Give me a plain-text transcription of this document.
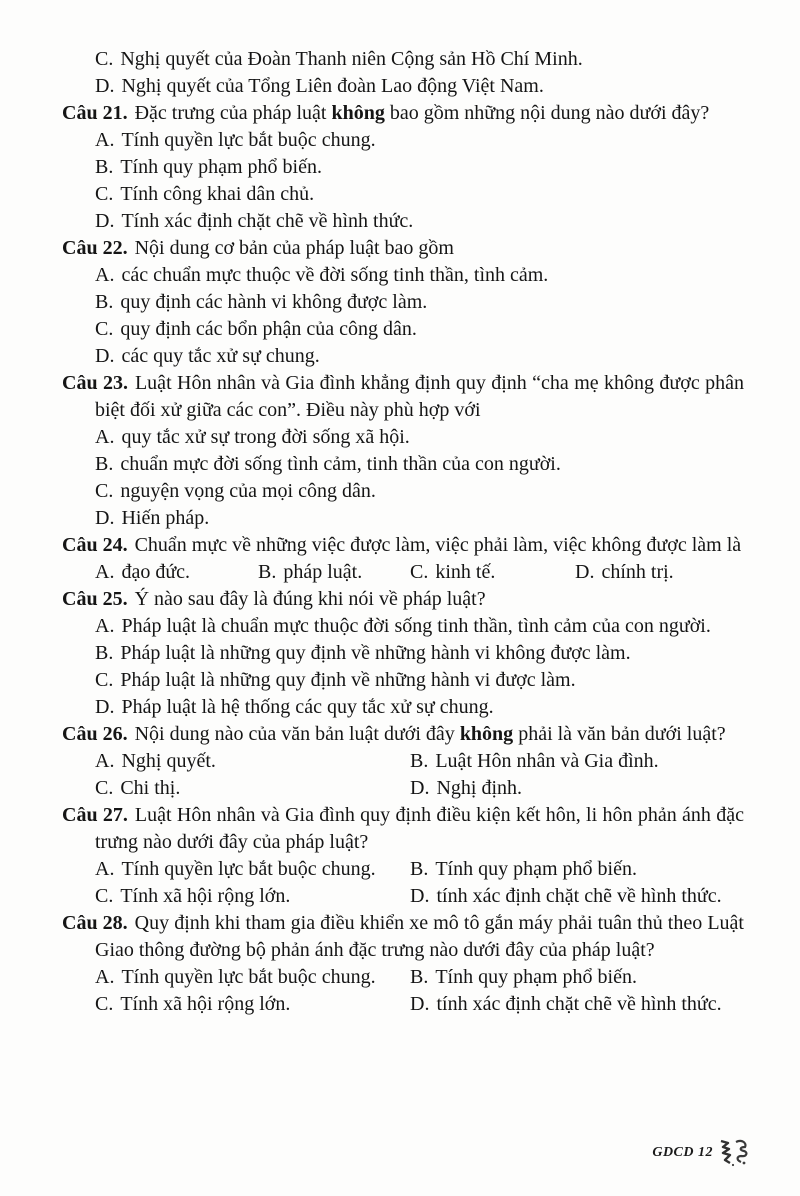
C. Nghị quyết của Đoàn Thanh niên Cộng sản Hồ Chí Minh.

D. Nghị quyết của Tổng Liên đoàn Lao động Việt Nam.

Câu 21. Đặc trưng của pháp luật không bao gồm những nội dung nào dưới đây?

A. Tính quyền lực bắt buộc chung.

B. Tính quy phạm phổ biến.

C. Tính công khai dân chủ.

D. Tính xác định chặt chẽ về hình thức.

Câu 22. Nội dung cơ bản của pháp luật bao gồm

A. các chuẩn mực thuộc về đời sống tinh thần, tình cảm.

B. quy định các hành vi không được làm.

C. quy định các bổn phận của công dân.

D. các quy tắc xử sự chung.

Câu 23. Luật Hôn nhân và Gia đình khẳng định quy định “cha mẹ không được phân biệt đối xử giữa các con”. Điều này phù hợp với

A. quy tắc xử sự trong đời sống xã hội.

B. chuẩn mực đời sống tình cảm, tinh thần của con người.

C. nguyện vọng của mọi công dân.

D. Hiến pháp.

Câu 24. Chuẩn mực về những việc được làm, việc phải làm, việc không được làm là

A. đạo đức.	B. pháp luật.	C. kinh tế.	D. chính trị.

Câu 25. Ý nào sau đây là đúng khi nói về pháp luật?

A. Pháp luật là chuẩn mực thuộc đời sống tinh thần, tình cảm của con người.

B. Pháp luật là những quy định về những hành vi không được làm.

C. Pháp luật là những quy định về những hành vi được làm.

D. Pháp luật là hệ thống các quy tắc xử sự chung.

Câu 26. Nội dung nào của văn bản luật dưới đây không phải là văn bản dưới luật?

A. Nghị quyết.	B. Luật Hôn nhân và Gia đình.

C. Chi thị.	D. Nghị định.

Câu 27. Luật Hôn nhân và Gia đình quy định điều kiện kết hôn, li hôn phản ánh đặc trưng nào dưới đây của pháp luật?

A. Tính quyền lực bắt buộc chung.	B. Tính quy phạm phổ biến.

C. Tính xã hội rộng lớn.	D. tính xác định chặt chẽ về hình thức.

Câu 28. Quy định khi tham gia điều khiển xe mô tô gắn máy phải tuân thủ theo Luật Giao thông đường bộ phản ánh đặc trưng nào dưới đây của pháp luật?

A. Tính quyền lực bắt buộc chung.	B. Tính quy phạm phổ biến.

C. Tính xã hội rộng lớn.	D. tính xác định chặt chẽ về hình thức.

GDCD 12
